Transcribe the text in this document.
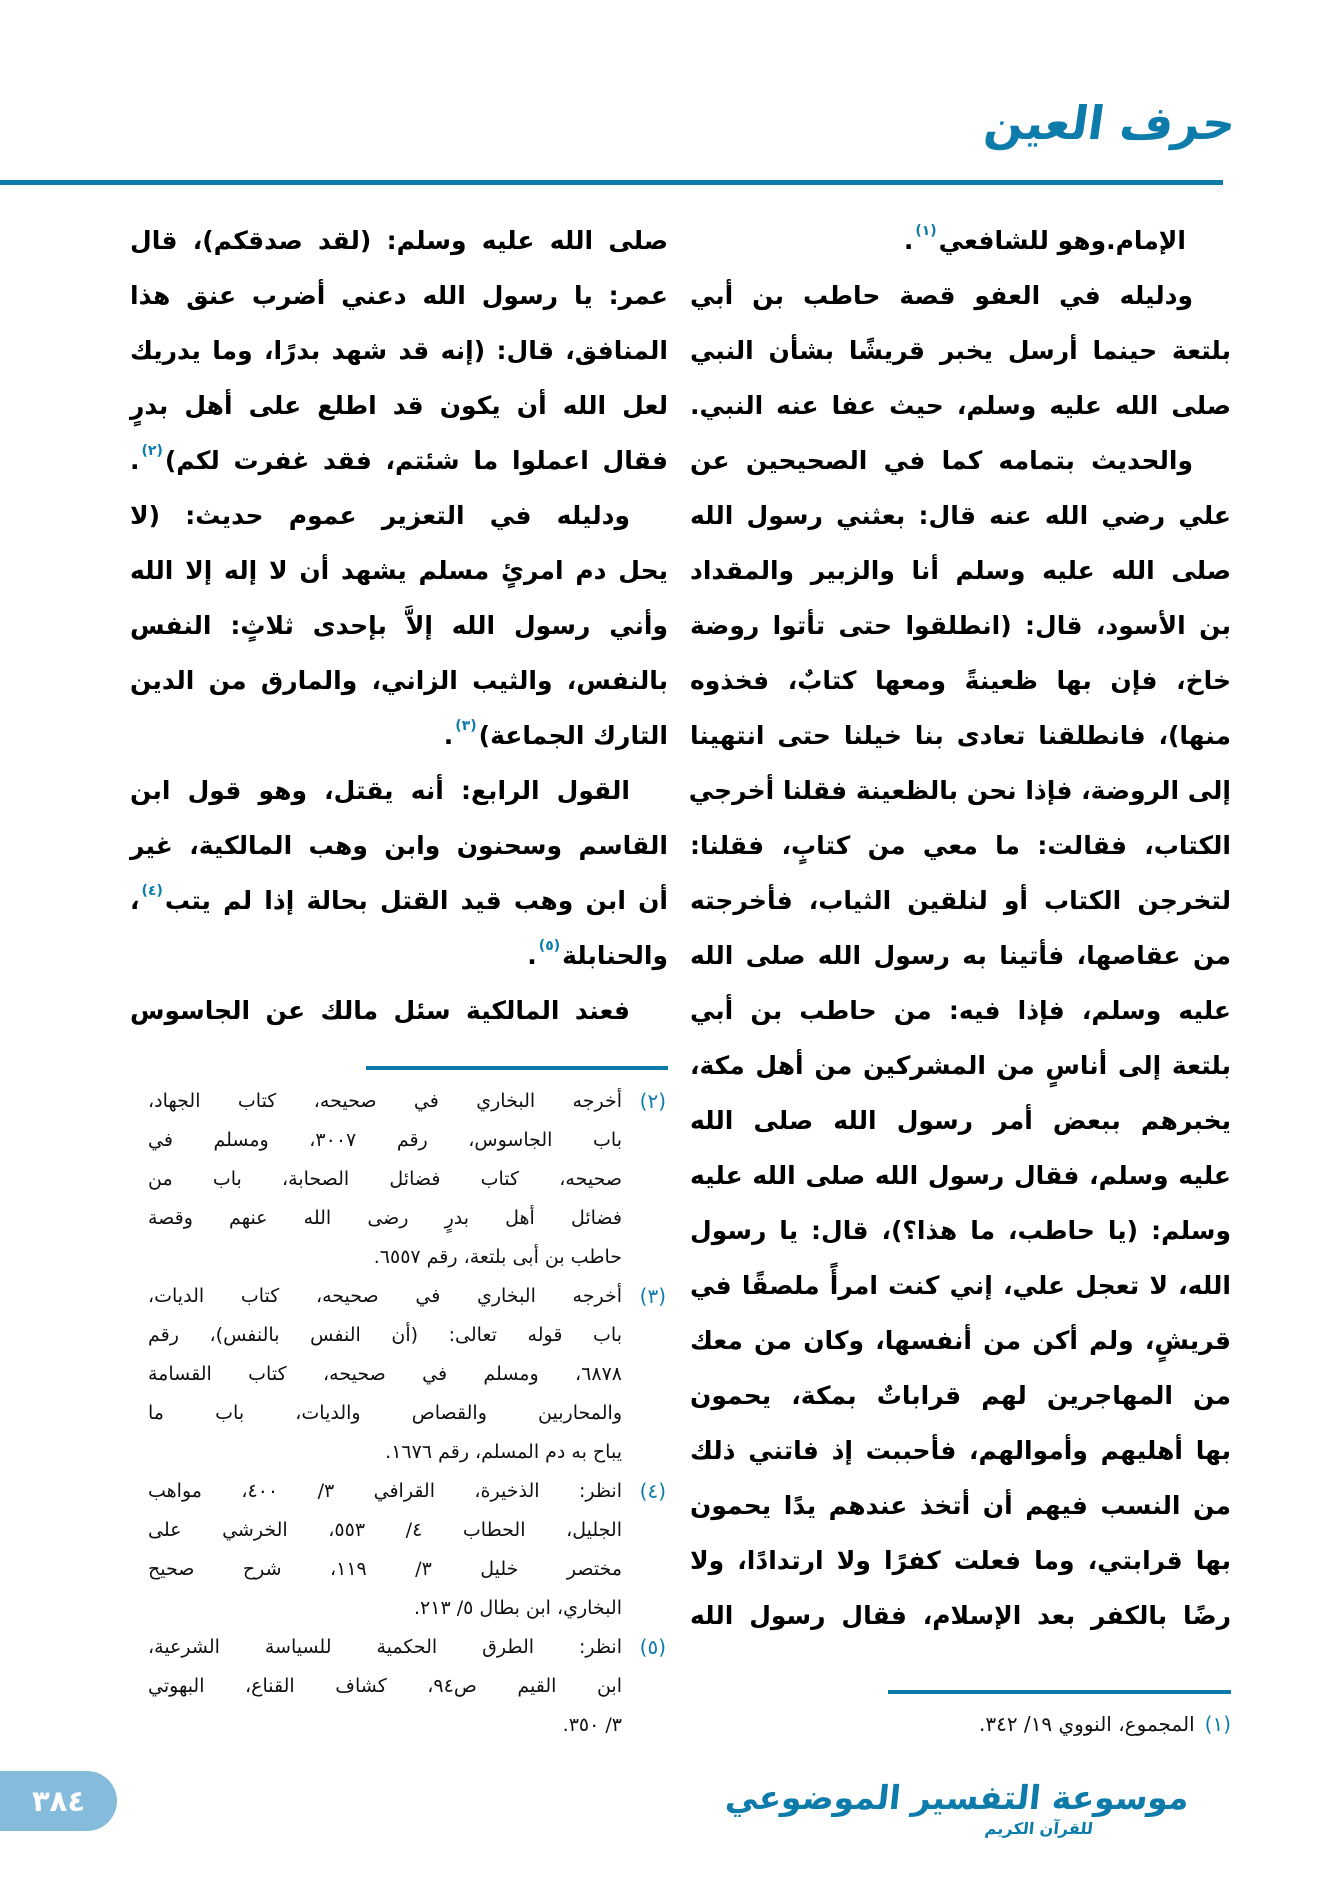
حرف العين
الإمام.وهو للشافعي$^{(١)}$.
ودليله في العفو قصة حاطب بن أبي
بلتعة حينما أرسل يخبر قريشًا بشأن النبي
صلى الله عليه وسلم، حيث عفا عنه النبي.
والحديث بتمامه كما في الصحيحين عن
علي رضي الله عنه قال: بعثني رسول الله
صلى الله عليه وسلم أنا والزبير والمقداد
بن الأسود، قال: (انطلقوا حتى تأتوا روضة
خاخ، فإن بها ظعينةً ومعها كتابٌ، فخذوه
منها)، فانطلقنا تعادى بنا خيلنا حتى انتهينا
إلى الروضة، فإذا نحن بالظعينة فقلنا أخرجي
الكتاب، فقالت: ما معي من كتابٍ، فقلنا:
لتخرجن الكتاب أو لنلقين الثياب، فأخرجته
من عقاصها، فأتينا به رسول الله صلى الله
عليه وسلم، فإذا فيه: من حاطب بن أبي
بلتعة إلى أناسٍ من المشركين من أهل مكة،
يخبرهم ببعض أمر رسول الله صلى الله
عليه وسلم، فقال رسول الله صلى الله عليه
وسلم: (يا حاطب، ما هذا؟)، قال: يا رسول
الله، لا تعجل علي، إني كنت امرأً ملصقًا في
قريشٍ، ولم أكن من أنفسها، وكان من معك
من المهاجرين لهم قراباتٌ بمكة، يحمون
بها أهليهم وأموالهم، فأحببت إذ فاتني ذلك
من النسب فيهم أن أتخذ عندهم يدًا يحمون
بها قرابتي، وما فعلت كفرًا ولا ارتدادًا، ولا
رضًا بالكفر بعد الإسلام، فقال رسول الله
صلى الله عليه وسلم: (لقد صدقكم)، قال
عمر: يا رسول الله دعني أضرب عنق هذا
المنافق، قال: (إنه قد شهد بدرًا، وما يدريك
لعل الله أن يكون قد اطلع على أهل بدرٍ
فقال اعملوا ما شئتم، فقد غفرت لكم)$^{(٢)}$.
ودليله في التعزير عموم حديث: (لا
يحل دم امرئٍ مسلم يشهد أن لا إله إلا الله
وأني رسول الله إلاَّ بإحدى ثلاثٍ: النفس
بالنفس، والثيب الزاني، والمارق من الدين
التارك الجماعة)$^{(٣)}$.
القول الرابع: أنه يقتل، وهو قول ابن
القاسم وسحنون وابن وهب المالكية، غير
أن ابن وهب قيد القتل بحالة إذا لم يتب$^{(٤)}$،
والحنابلة$^{(٥)}$.
فعند المالكية سئل مالك عن الجاسوس
(٢)
أخرجه البخاري في صحيحه، كتاب الجهاد،
باب الجاسوس، رقم ٣٠٠٧، ومسلم في
صحيحه، كتاب فضائل الصحابة، باب من
فضائل أهل بدرٍ رضى الله عنهم وقصة
حاطب بن أبى بلتعة، رقم ٦٥٥٧.
(٣)
أخرجه البخاري في صحيحه، كتاب الديات،
باب قوله تعالى: (أن النفس بالنفس)، رقم
٦٨٧٨، ومسلم في صحيحه، كتاب القسامة
والمحاربين والقصاص والديات، باب ما
يباح به دم المسلم، رقم ١٦٧٦.
(٤)
انظر: الذخيرة، القرافي ٣/ ٤٠٠، مواهب
الجليل، الحطاب ٤/ ٥٥٣، الخرشي على
مختصر خليل ٣/ ١١٩، شرح صحيح
البخاري، ابن بطال ٥/ ٢١٣.
(٥)
انظر: الطرق الحكمية للسياسة الشرعية،
ابن القيم ص٩٤، كشاف القناع، البهوتي
٣/ ٣٥٠.	(١)المجموع، النووي ١٩/ ٣٤٢.
موسوعة التفسير الموضوعي
للقرآن الكريم
٣٨٤
